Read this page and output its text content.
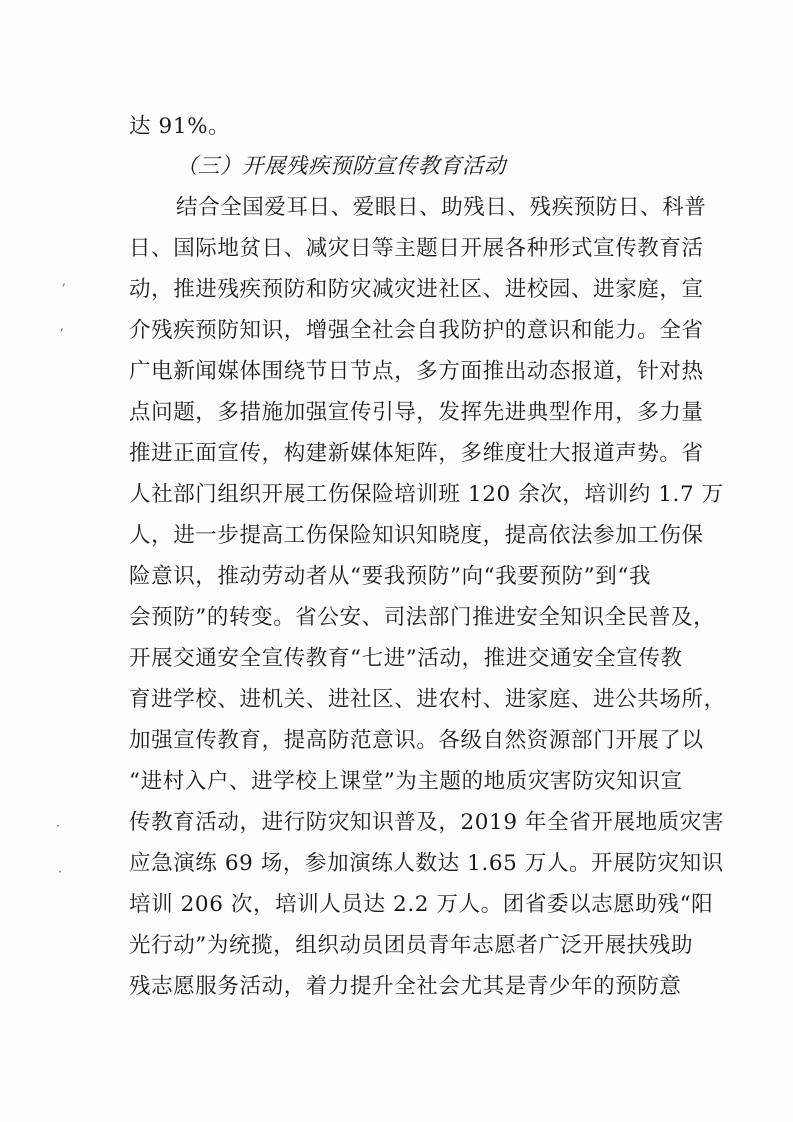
,
,
·
·
达 91%。
（三）开展残疾预防宣传教育活动
结合全国爱耳日、爱眼日、助残日、残疾预防日、科普
日、国际地贫日、减灾日等主题日开展各种形式宣传教育活
动，推进残疾预防和防灾减灾进社区、进校园、进家庭，宣
介残疾预防知识，增强全社会自我防护的意识和能力。全省
广电新闻媒体围绕节日节点，多方面推出动态报道，针对热
点问题，多措施加强宣传引导，发挥先进典型作用，多力量
推进正面宣传，构建新媒体矩阵，多维度壮大报道声势。省
人社部门组织开展工伤保险培训班 120 余次，培训约 1.7 万
人，进一步提高工伤保险知识知晓度，提高依法参加工伤保
险意识，推动劳动者从“要我预防”向“我要预防”到“我
会预防”的转变。省公安、司法部门推进安全知识全民普及，
开展交通安全宣传教育“七进”活动，推进交通安全宣传教
育进学校、进机关、进社区、进农村、进家庭、进公共场所，
加强宣传教育，提高防范意识。各级自然资源部门开展了以
“进村入户、进学校上课堂”为主题的地质灾害防灾知识宣
传教育活动，进行防灾知识普及，2019 年全省开展地质灾害
应急演练 69 场，参加演练人数达 1.65 万人。开展防灾知识
培训 206 次，培训人员达 2.2 万人。团省委以志愿助残“阳
光行动”为统揽，组织动员团员青年志愿者广泛开展扶残助
残志愿服务活动，着力提升全社会尤其是青少年的预防意
